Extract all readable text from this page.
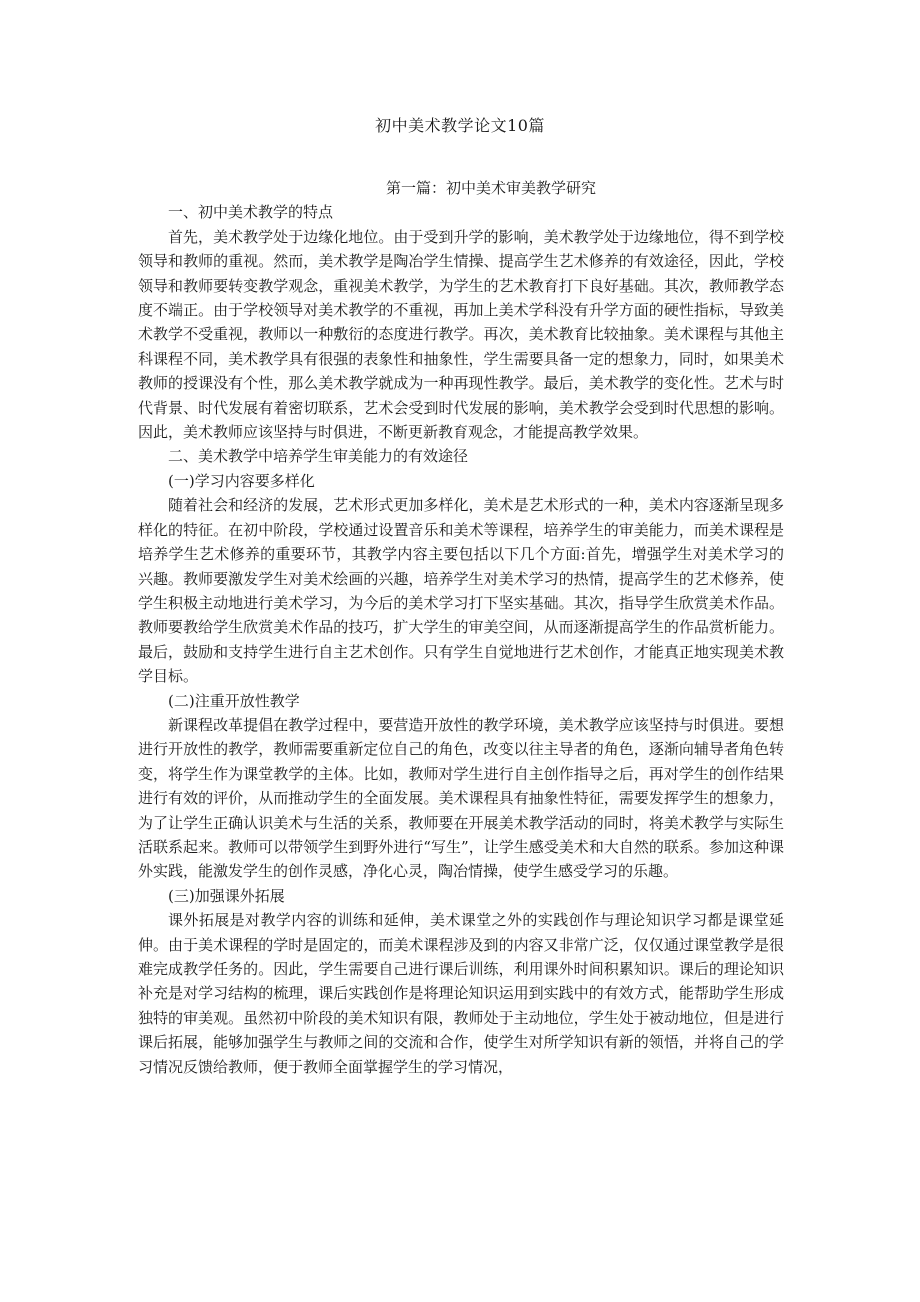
初中美术教学论文10篇

第一篇：初中美术审美教学研究

一、初中美术教学的特点

首先，美术教学处于边缘化地位。由于受到升学的影响，美术教学处于边缘地位，得不到学校领导和教师的重视。然而，美术教学是陶冶学生情操、提高学生艺术修养的有效途径，因此，学校领导和教师要转变教学观念，重视美术教学，为学生的艺术教育打下良好基础。其次，教师教学态度不端正。由于学校领导对美术教学的不重视，再加上美术学科没有升学方面的硬性指标，导致美术教学不受重视，教师以一种敷衍的态度进行教学。再次，美术教育比较抽象。美术课程与其他主科课程不同，美术教学具有很强的表象性和抽象性，学生需要具备一定的想象力，同时，如果美术教师的授课没有个性，那么美术教学就成为一种再现性教学。最后，美术教学的变化性。艺术与时代背景、时代发展有着密切联系，艺术会受到时代发展的影响，美术教学会受到时代思想的影响。因此，美术教师应该坚持与时俱进，不断更新教育观念，才能提高教学效果。

二、美术教学中培养学生审美能力的有效途径

(一)学习内容要多样化

随着社会和经济的发展，艺术形式更加多样化，美术是艺术形式的一种，美术内容逐渐呈现多样化的特征。在初中阶段，学校通过设置音乐和美术等课程，培养学生的审美能力，而美术课程是培养学生艺术修养的重要环节，其教学内容主要包括以下几个方面:首先，增强学生对美术学习的兴趣。教师要激发学生对美术绘画的兴趣，培养学生对美术学习的热情，提高学生的艺术修养，使学生积极主动地进行美术学习，为今后的美术学习打下坚实基础。其次，指导学生欣赏美术作品。教师要教给学生欣赏美术作品的技巧，扩大学生的审美空间，从而逐渐提高学生的作品赏析能力。最后，鼓励和支持学生进行自主艺术创作。只有学生自觉地进行艺术创作，才能真正地实现美术教学目标。

(二)注重开放性教学

新课程改革提倡在教学过程中，要营造开放性的教学环境，美术教学应该坚持与时俱进。要想进行开放性的教学，教师需要重新定位自己的角色，改变以往主导者的角色，逐渐向辅导者角色转变，将学生作为课堂教学的主体。比如，教师对学生进行自主创作指导之后，再对学生的创作结果进行有效的评价，从而推动学生的全面发展。美术课程具有抽象性特征，需要发挥学生的想象力，为了让学生正确认识美术与生活的关系，教师要在开展美术教学活动的同时，将美术教学与实际生活联系起来。教师可以带领学生到野外进行“写生”，让学生感受美术和大自然的联系。参加这种课外实践，能激发学生的创作灵感，净化心灵，陶冶情操，使学生感受学习的乐趣。

(三)加强课外拓展

课外拓展是对教学内容的训练和延伸，美术课堂之外的实践创作与理论知识学习都是课堂延伸。由于美术课程的学时是固定的，而美术课程涉及到的内容又非常广泛，仅仅通过课堂教学是很难完成教学任务的。因此，学生需要自己进行课后训练，利用课外时间积累知识。课后的理论知识补充是对学习结构的梳理，课后实践创作是将理论知识运用到实践中的有效方式，能帮助学生形成独特的审美观。虽然初中阶段的美术知识有限，教师处于主动地位，学生处于被动地位，但是进行课后拓展，能够加强学生与教师之间的交流和合作，使学生对所学知识有新的领悟，并将自己的学习情况反馈给教师，便于教师全面掌握学生的学习情况，
